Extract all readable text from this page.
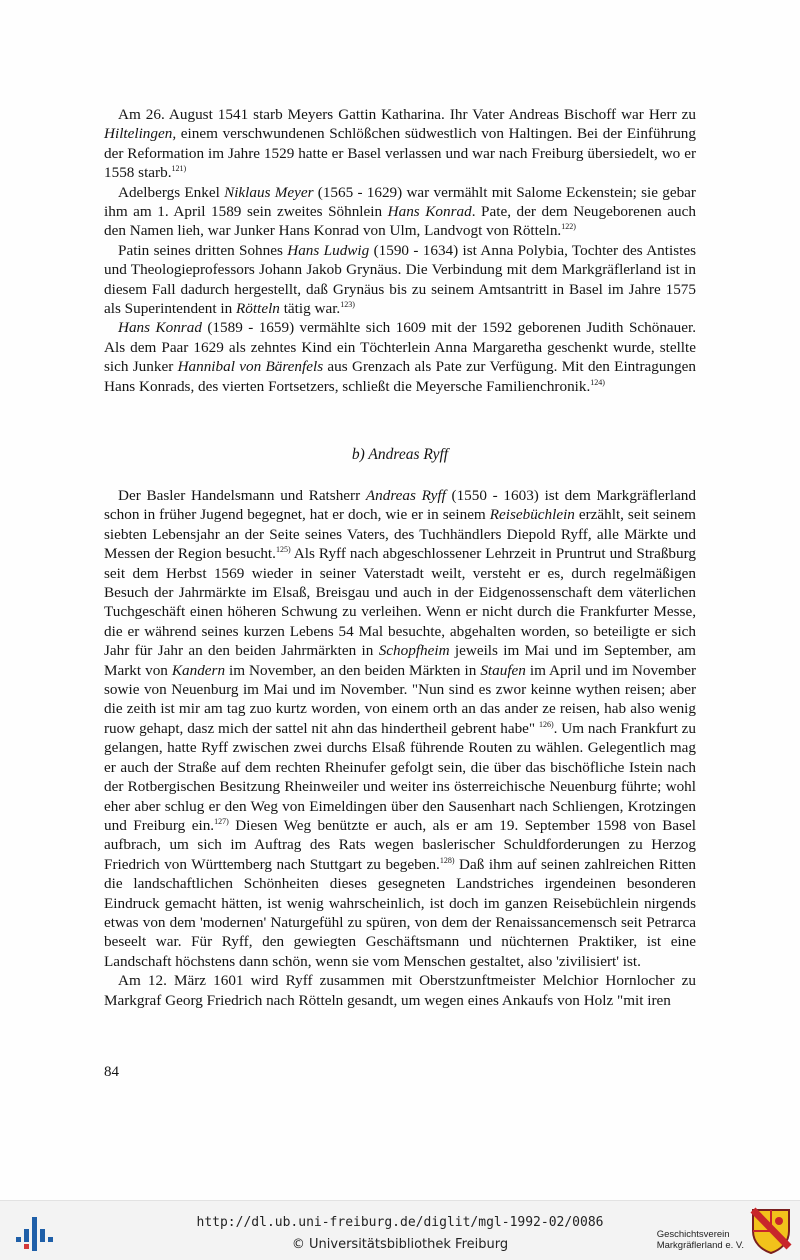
Am 26. August 1541 starb Meyers Gattin Katharina. Ihr Vater Andreas Bischoff war Herr zu Hiltelingen, einem verschwundenen Schlößchen südwestlich von Haltingen. Bei der Einführung der Reformation im Jahre 1529 hatte er Basel verlassen und war nach Freiburg übersiedelt, wo er 1558 starb.$^{121)}$

Adelbergs Enkel Niklaus Meyer (1565 - 1629) war vermählt mit Salome Eckenstein; sie gebar ihm am 1. April 1589 sein zweites Söhnlein Hans Konrad. Pate, der dem Neugeborenen auch den Namen lieh, war Junker Hans Konrad von Ulm, Landvogt von Rötteln.$^{122)}$

Patin seines dritten Sohnes Hans Ludwig (1590 - 1634) ist Anna Polybia, Tochter des Antistes und Theologieprofessors Johann Jakob Grynäus. Die Verbindung mit dem Markgräflerland ist in diesem Fall dadurch hergestellt, daß Grynäus bis zu seinem Amtsantritt in Basel im Jahre 1575 als Superintendent in Rötteln tätig war.$^{123)}$

Hans Konrad (1589 - 1659) vermählte sich 1609 mit der 1592 geborenen Judith Schönauer. Als dem Paar 1629 als zehntes Kind ein Töchterlein Anna Margaretha geschenkt wurde, stellte sich Junker Hannibal von Bärenfels aus Grenzach als Pate zur Verfügung. Mit den Eintragungen Hans Konrads, des vierten Fortsetzers, schließt die Meyersche Familienchronik.$^{124)}$

b) Andreas Ryff

Der Basler Handelsmann und Ratsherr Andreas Ryff (1550 - 1603) ist dem Markgräflerland schon in früher Jugend begegnet, hat er doch, wie er in seinem Reisebüchlein erzählt, seit seinem siebten Lebensjahr an der Seite seines Vaters, des Tuchhändlers Diepold Ryff, alle Märkte und Messen der Region besucht.$^{125)}$ Als Ryff nach abgeschlossener Lehrzeit in Pruntrut und Straßburg seit dem Herbst 1569 wieder in seiner Vaterstadt weilt, versteht er es, durch regelmäßigen Besuch der Jahrmärkte im Elsaß, Breisgau und auch in der Eidgenossenschaft dem väterlichen Tuchgeschäft einen höheren Schwung zu verleihen. Wenn er nicht durch die Frankfurter Messe, die er während seines kurzen Lebens 54 Mal besuchte, abgehalten worden, so beteiligte er sich Jahr für Jahr an den beiden Jahrmärkten in Schopfheim jeweils im Mai und im September, am Markt von Kandern im November, an den beiden Märkten in Staufen im April und im November sowie von Neuenburg im Mai und im November. "Nun sind es zwor keinne wythen reisen; aber die zeith ist mir am tag zuo kurtz worden, von einem orth an das ander ze reisen, hab also wenig ruow gehapt, dasz mich der sattel nit ahn das hindertheil gebrent habe" $^{126)}$. Um nach Frankfurt zu gelangen, hatte Ryff zwischen zwei durchs Elsaß führende Routen zu wählen. Gelegentlich mag er auch der Straße auf dem rechten Rheinufer gefolgt sein, die über das bischöfliche Istein nach der Rotbergischen Besitzung Rheinweiler und weiter ins österreichische Neuenburg führte; wohl eher aber schlug er den Weg von Eimeldingen über den Sausenhart nach Schliengen, Krotzingen und Freiburg ein.$^{127)}$ Diesen Weg benützte er auch, als er am 19. September 1598 von Basel aufbrach, um sich im Auftrag des Rats wegen baslerischer Schuldforderungen zu Herzog Friedrich von Württemberg nach Stuttgart zu begeben.$^{128)}$ Daß ihm auf seinen zahlreichen Ritten die landschaftlichen Schönheiten dieses gesegneten Landstriches irgendeinen besonderen Eindruck gemacht hätten, ist wenig wahrscheinlich, ist doch im ganzen Reisebüchlein nirgends etwas von dem 'modernen' Naturgefühl zu spüren, von dem der Renaissancemensch seit Petrarca beseelt war. Für Ryff, den gewiegten Geschäftsmann und nüchternen Praktiker, ist eine Landschaft höchstens dann schön, wenn sie vom Menschen gestaltet, also 'zivilisiert' ist.

Am 12. März 1601 wird Ryff zusammen mit Oberstzunftmeister Melchior Hornlocher zu Markgraf Georg Friedrich nach Rötteln gesandt, um wegen eines Ankaufs von Holz "mit iren

84
http://dl.ub.uni-freiburg.de/diglit/mgl-1992-02/0086
© Universitätsbibliothek Freiburg
Geschichtsverein
Markgräflerland e. V.
